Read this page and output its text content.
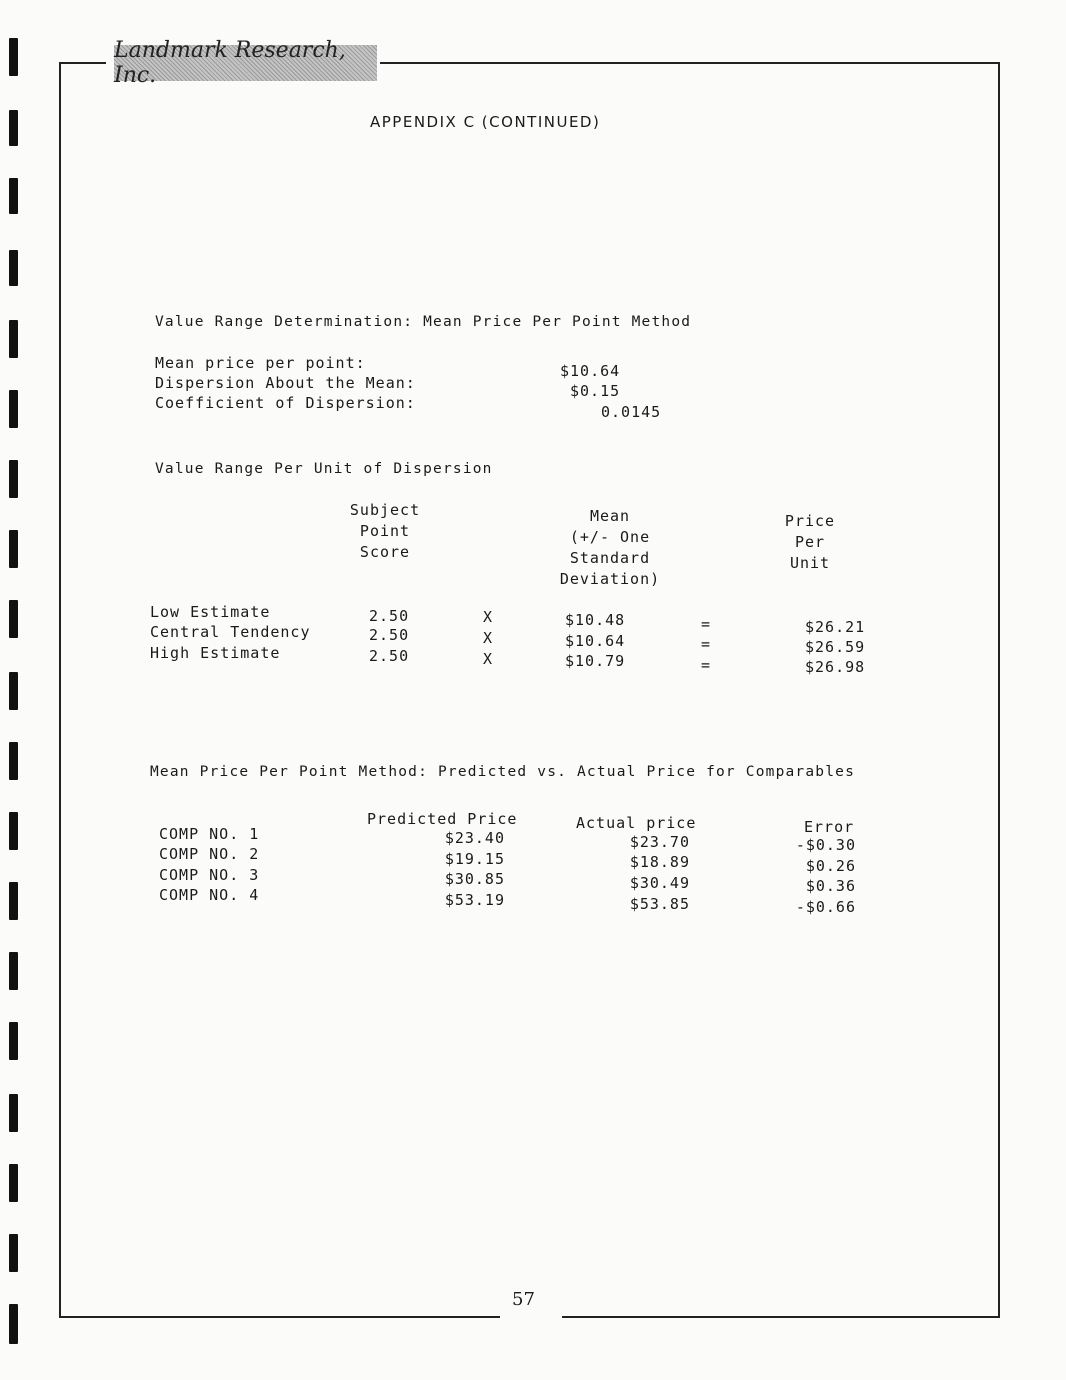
Landmark Research, Inc.
APPENDIX C (CONTINUED)
Value Range Determination: Mean Price Per Point Method
Mean price per point:
Dispersion About the Mean:
Coefficient of Dispersion:
$10.64
$0.15
0.0145
Value Range Per Unit of Dispersion
Subject
Point
Score
Mean
(+/- One
Standard
Deviation)
Price
Per
Unit
Low Estimate
Central Tendency
High Estimate
2.50
2.50
2.50
X
X
X
$10.48
$10.64
$10.79
=
=
=
$26.21
$26.59
$26.98
Mean Price Per Point Method: Predicted vs. Actual Price for Comparables
Predicted Price	Actual price	Error
COMP NO. 1
COMP NO. 2
COMP NO. 3
COMP NO. 4
$23.40
$19.15
$30.85
$53.19
$23.70
$18.89
$30.49
$53.85
-$0.30
$0.26
$0.36
-$0.66
57
